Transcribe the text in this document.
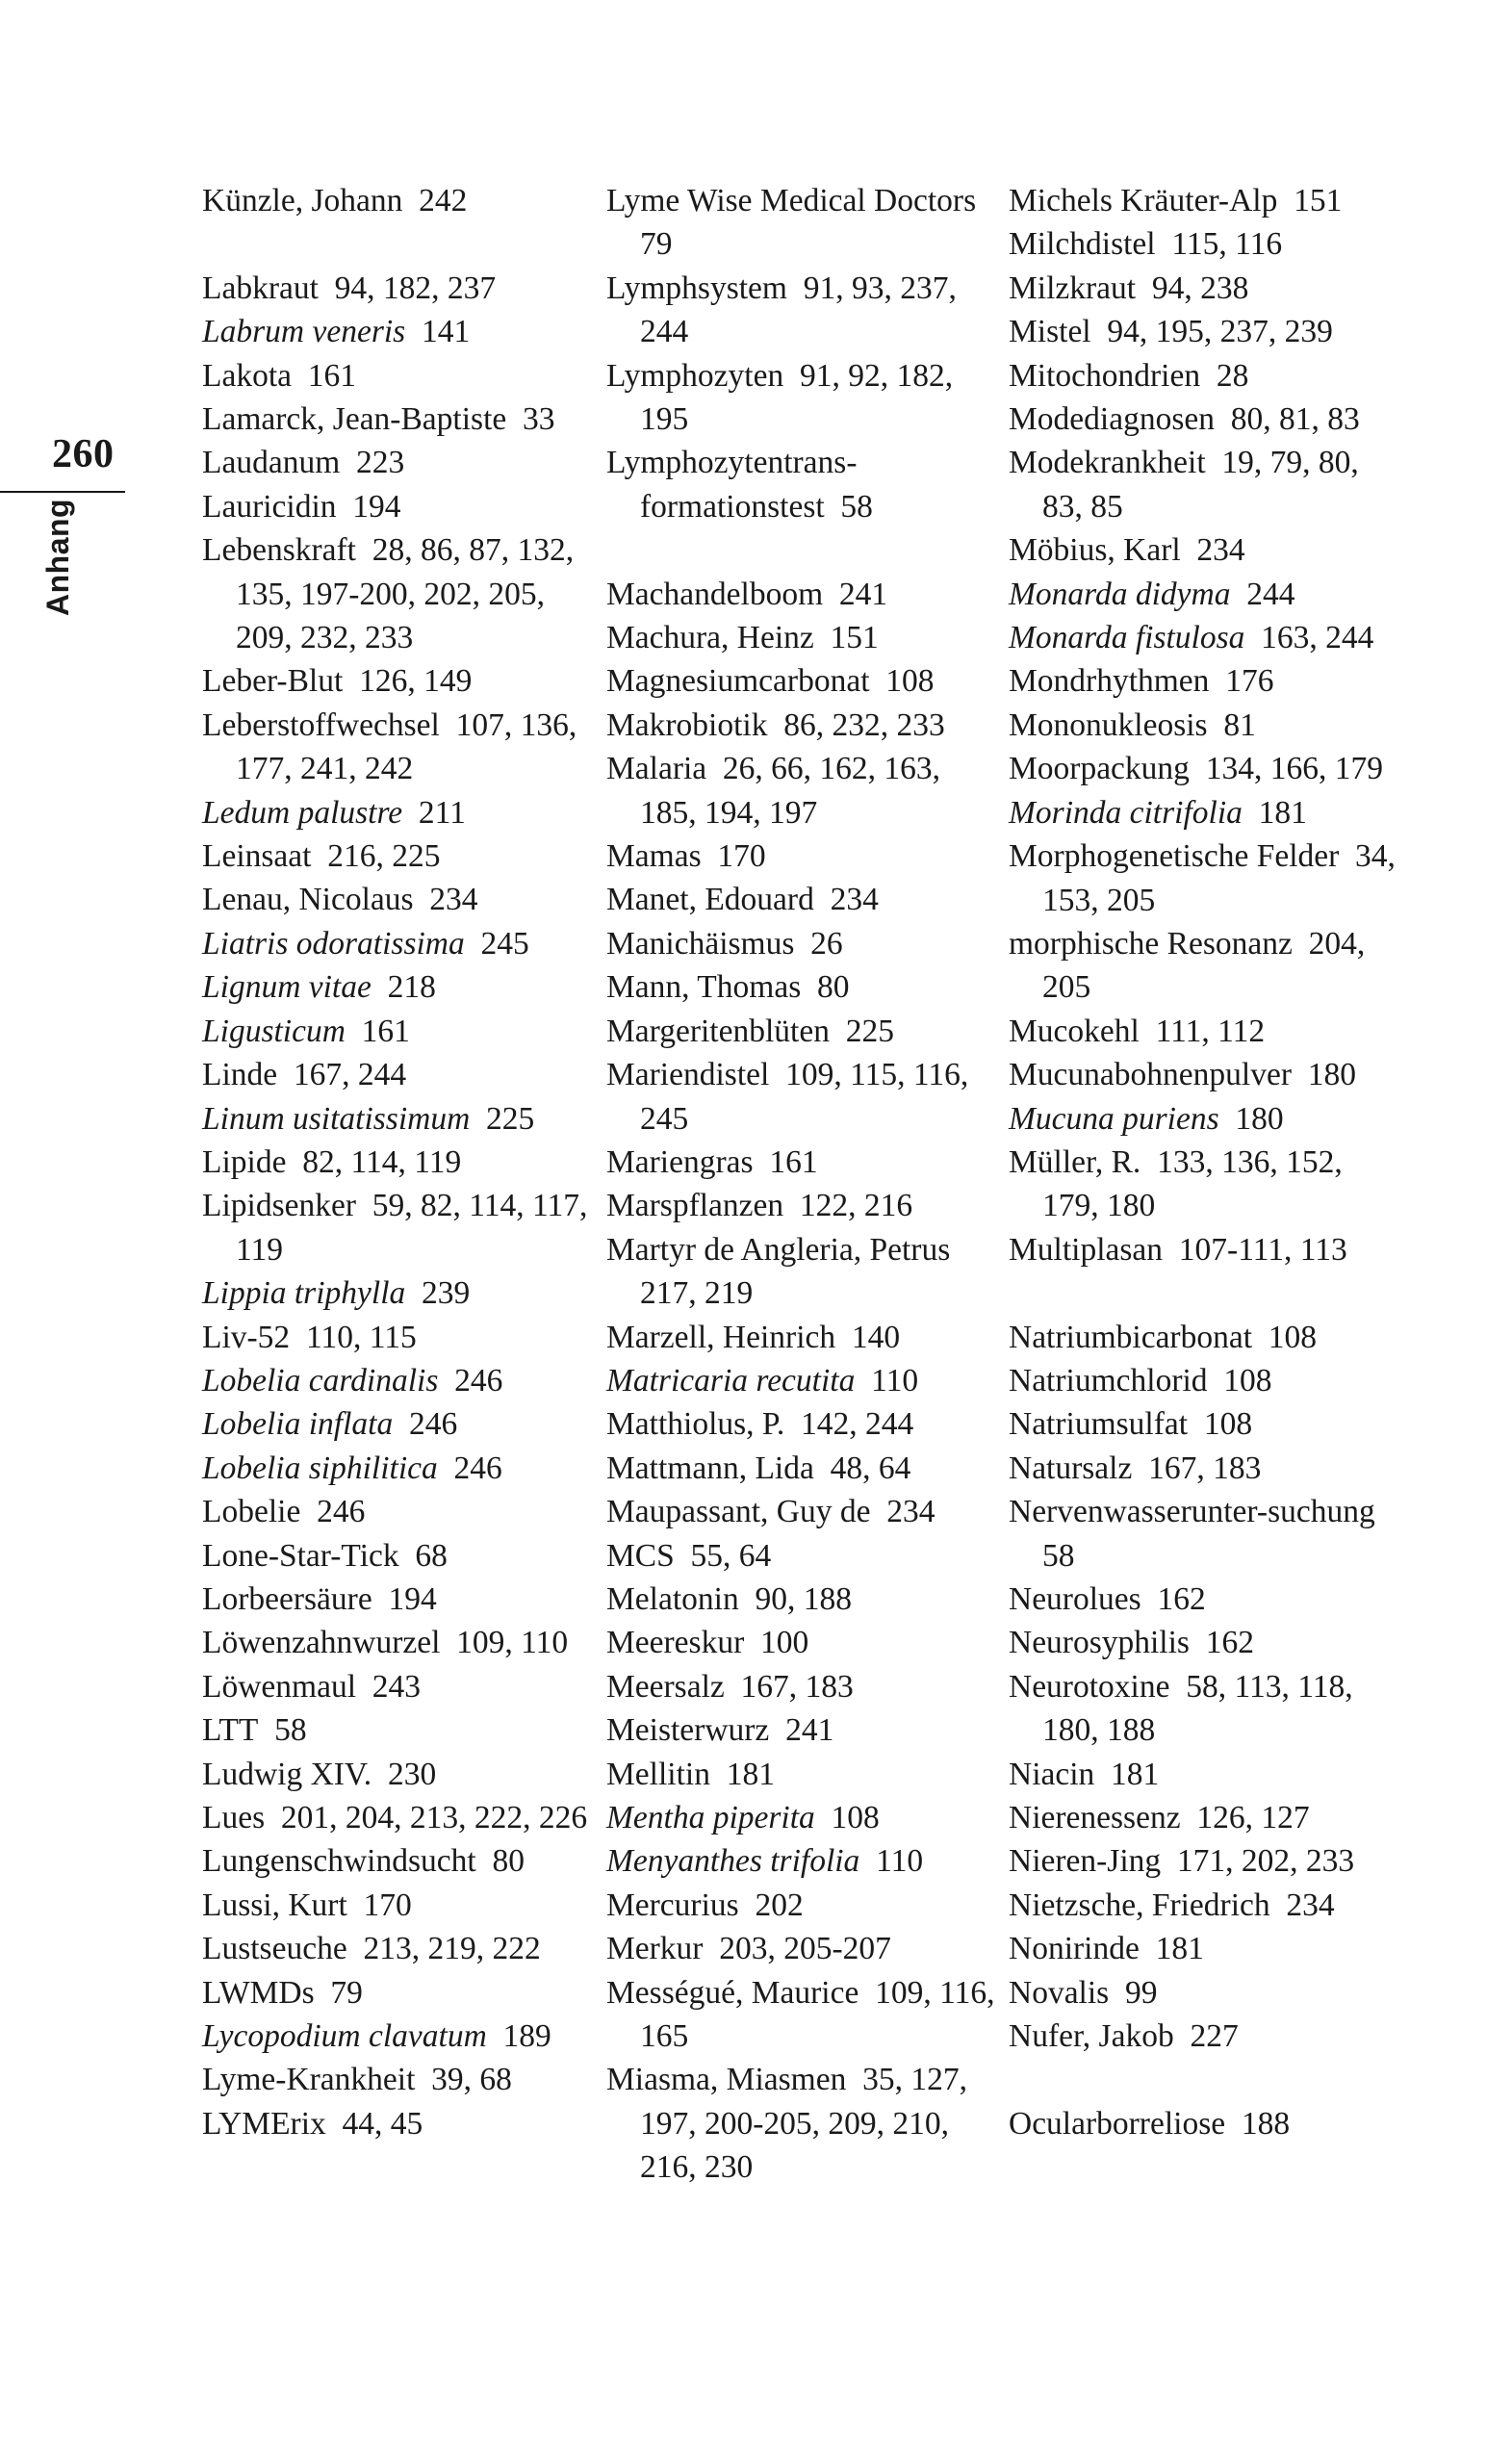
260
Anhang
Künzle, Johann  242
Labkraut  94, 182, 237
Labrum veneris  141
Lakota  161
Lamarck, Jean-Baptiste  33
Laudanum  223
Lauricidin  194
Lebenskraft  28, 86, 87, 132, 135, 197-200, 202, 205, 209, 232, 233
Leber-Blut  126, 149
Leberstoffwechsel  107, 136, 177, 241, 242
Ledum palustre  211
Leinsaat  216, 225
Lenau, Nicolaus  234
Liatris odoratissima  245
Lignum vitae  218
Ligusticum  161
Linde  167, 244
Linum usitatissimum  225
Lipide  82, 114, 119
Lipidsenker  59, 82, 114, 117, 119
Lippia triphylla  239
Liv-52  110, 115
Lobelia cardinalis  246
Lobelia inflata  246
Lobelia siphilitica  246
Lobelie  246
Lone-Star-Tick  68
Lorbeersäure  194
Löwenzahnwurzel  109, 110
Löwenmaul  243
LTT  58
Ludwig XIV.  230
Lues  201, 204, 213, 222, 226
Lungenschwindsucht  80
Lussi, Kurt  170
Lustseuche  213, 219, 222
LWMDs  79
Lycopodium clavatum  189
Lyme-Krankheit  39, 68
LYMErix  44, 45
Lyme Wise Medical Doctors 79
Lymphsystem  91, 93, 237, 244
Lymphozyten  91, 92, 182, 195
Lymphozytentrans-formationstest  58
Machandelboom  241
Machura, Heinz  151
Magnesiumcarbonat  108
Makrobiotik  86, 232, 233
Malaria  26, 66, 162, 163, 185, 194, 197
Mamas  170
Manet, Edouard  234
Manichäismus  26
Mann, Thomas  80
Margeritenblüten  225
Mariendistel  109, 115, 116, 245
Mariengras  161
Marspflanzen  122, 216
Martyr de Angleria, Petrus 217, 219
Marzell, Heinrich  140
Matricaria recutita  110
Matthiolus, P.  142, 244
Mattmann, Lida  48, 64
Maupassant, Guy de  234
MCS  55, 64
Melatonin  90, 188
Meereskur  100
Meersalz  167, 183
Meisterwurz  241
Mellitin  181
Mentha piperita  108
Menyanthes trifolia  110
Mercurius  202
Merkur  203, 205-207
Mességué, Maurice  109, 116, 165
Miasma, Miasmen  35, 127, 197, 200-205, 209, 210, 216, 230
Michels Kräuter-Alp  151
Milchdistel  115, 116
Milzkraut  94, 238
Mistel  94, 195, 237, 239
Mitochondrien  28
Modediagnosen  80, 81, 83
Modekrankheit  19, 79, 80, 83, 85
Möbius, Karl  234
Monarda didyma  244
Monarda fistulosa  163, 244
Mondrhythmen  176
Mononukleosis  81
Moorpackung  134, 166, 179
Morinda citrifolia  181
Morphogenetische Felder  34, 153, 205
morphische Resonanz  204, 205
Mucokehl  111, 112
Mucunabohnenpulver  180
Mucuna puriens  180
Müller, R.  133, 136, 152, 179, 180
Multiplasan  107-111, 113
Natriumbicarbonat  108
Natriumchlorid  108
Natriumsulfat  108
Natursalz  167, 183
Nervenwasserunter-suchung 58
Neurolues  162
Neurosyphilis  162
Neurotoxine  58, 113, 118, 180, 188
Niacin  181
Nierenessenz  126, 127
Nieren-Jing  171, 202, 233
Nietzsche, Friedrich  234
Nonirinde  181
Novalis  99
Nufer, Jakob  227
Ocularborreliose  188
